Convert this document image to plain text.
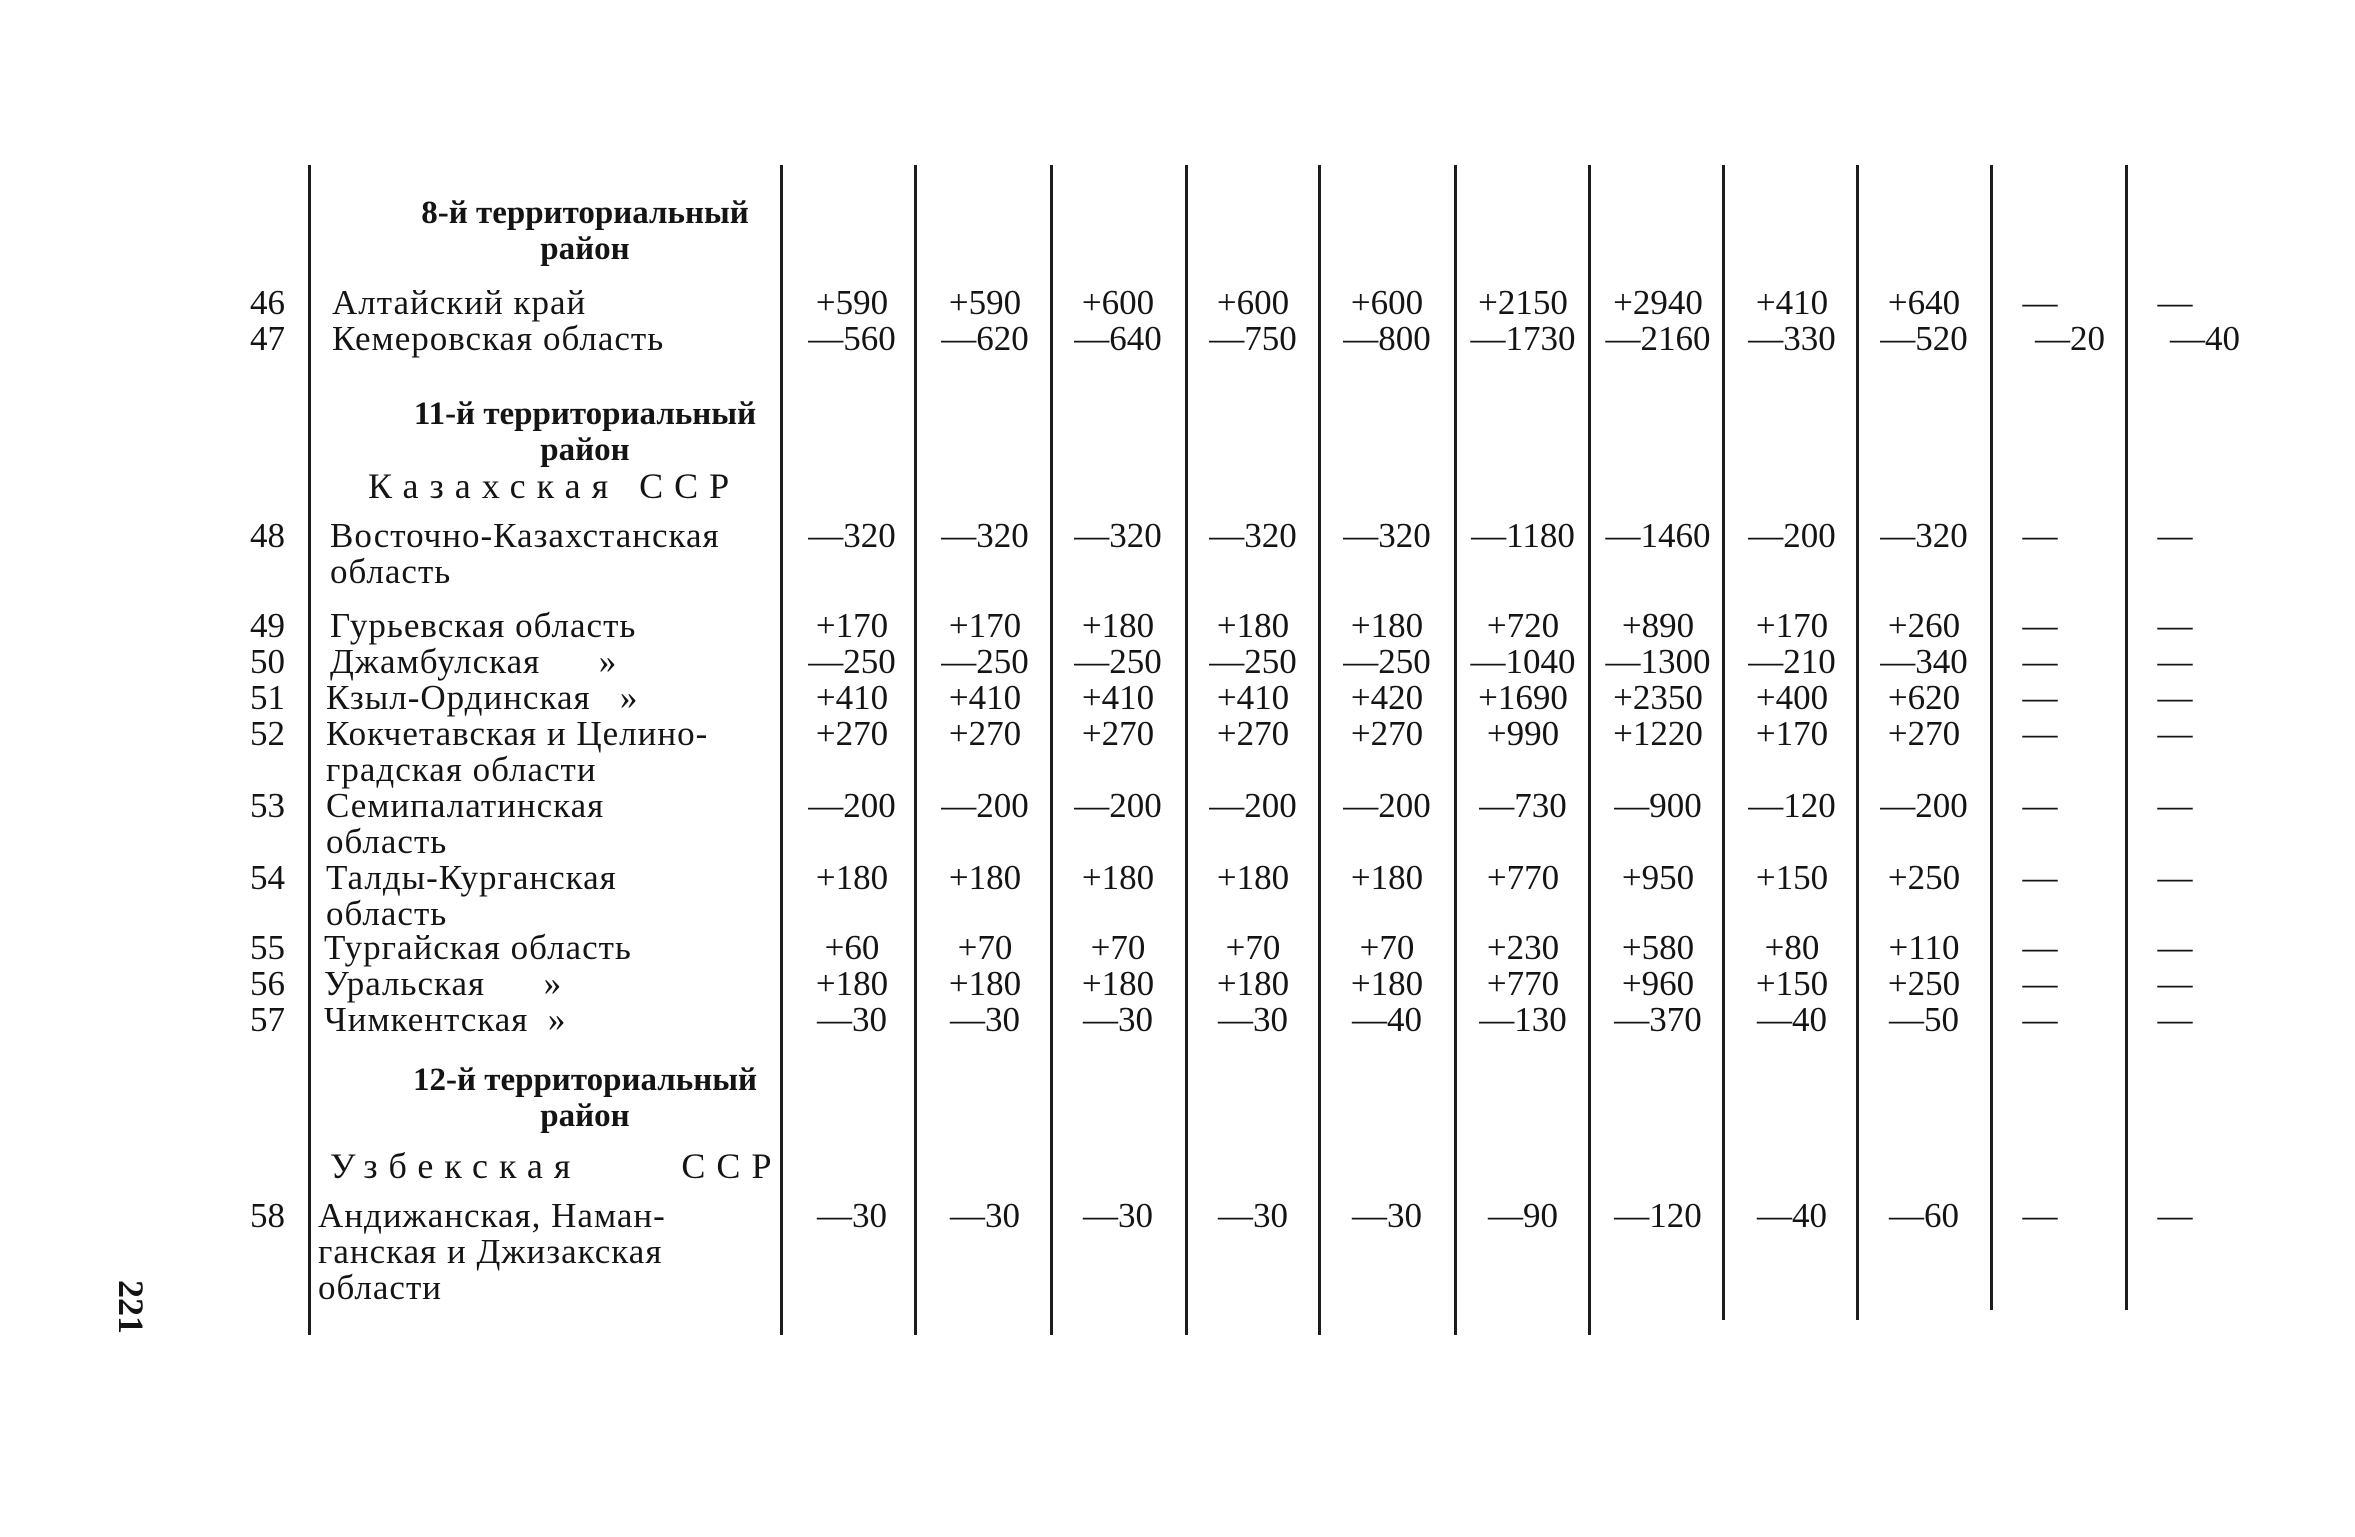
221
8-й территориальный
район
11-й территориальный
район
Казахская ССР
12-й территориальный
район
Узбекская     ССР
46 Алтайский край	+590	+590	+600	+600	+600	+2150	+2940	+410	+640	—	—
47 Кемеровская область	—560	—620	—640	—750	—800	—1730 —2160	—330	—520	—20	—40
48 Восточно-Казахстанская
область
—320	—320	—320	—320	—320	—1180 —1460	—200	—320	—	—
49 Гурьевская область	+170	+170	+180	+180	+180	+720	+890	+170	+260	—	—
50 Джамбулская      »	—250	—250	—250	—250	—250	—1040 —1300	—210	—340	—	—
51 Кзыл-Ординская   »	+410	+410	+410	+410	+420	+1690	+2350	+400	+620	—	—
52 Кокчетавская и Целино-
градская области
+270	+270	+270	+270	+270	+990	+1220	+170	+270	—	—
53 Семипалатинская
область
—200	—200	—200	—200	—200	—730	—900	—120	—200	—	—
54 Талды-Курганская
область
+180	+180	+180	+180	+180	+770	+950	+150	+250	—	—
55 Тургайская область	+60	+70	+70	+70	+70	+230	+580	+80	+110	—	—
56 Уральская      »	+180	+180	+180	+180	+180	+770	+960	+150	+250	—	—
57 Чимкентская  »	—30	—30	—30	—30	—40	—130	—370	—40	—50	—	—
58 Андижанская, Наман-
ганская и Джизакская
области
—30	—30	—30	—30	—30	—90	—120	—40	—60	—	—
